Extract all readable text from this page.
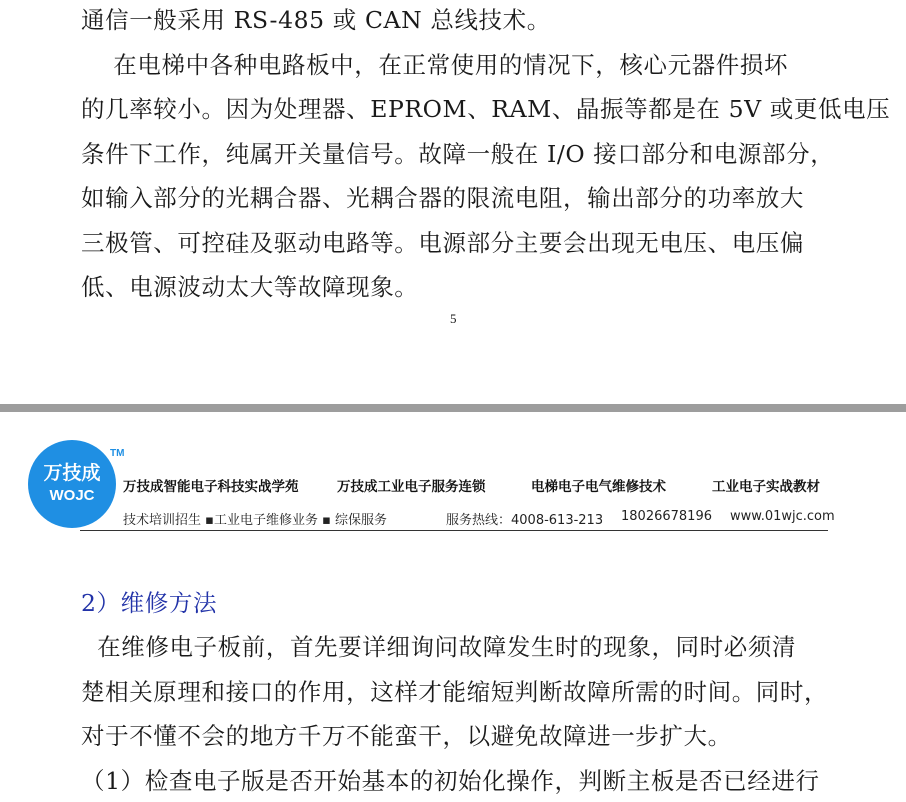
通信一般采用 RS-485 或 CAN 总线技术。
在电梯中各种电路板中，在正常使用的情况下，核心元器件损坏
的几率较小。因为处理器、EPROM、RAM、晶振等都是在 5V 或更低电压
条件下工作，纯属开关量信号。故障一般在 I/O 接口部分和电源部分，
如输入部分的光耦合器、光耦合器的限流电阻，输出部分的功率放大
三极管、可控硅及驱动电路等。电源部分主要会出现无电压、电压偏
低、电源波动太大等故障现象。
5
万技成
TM
WOJC	万技成智能电子科技实战学苑	万技成工业电子服务连锁	电梯电子电气维修技术	工业电子实战教材
技术培训招生 ▪工业电子维修业务 ▪ 综保服务	服务热线：4008-613-213 18026678196 www.01wjc.com
2）维修方法
在维修电子板前，首先要详细询问故障发生时的现象，同时必须清
楚相关原理和接口的作用，这样才能缩短判断故障所需的时间。同时，
对于不懂不会的地方千万不能蛮干，以避免故障进一步扩大。
（1）检查电子版是否开始基本的初始化操作，判断主板是否已经进行
